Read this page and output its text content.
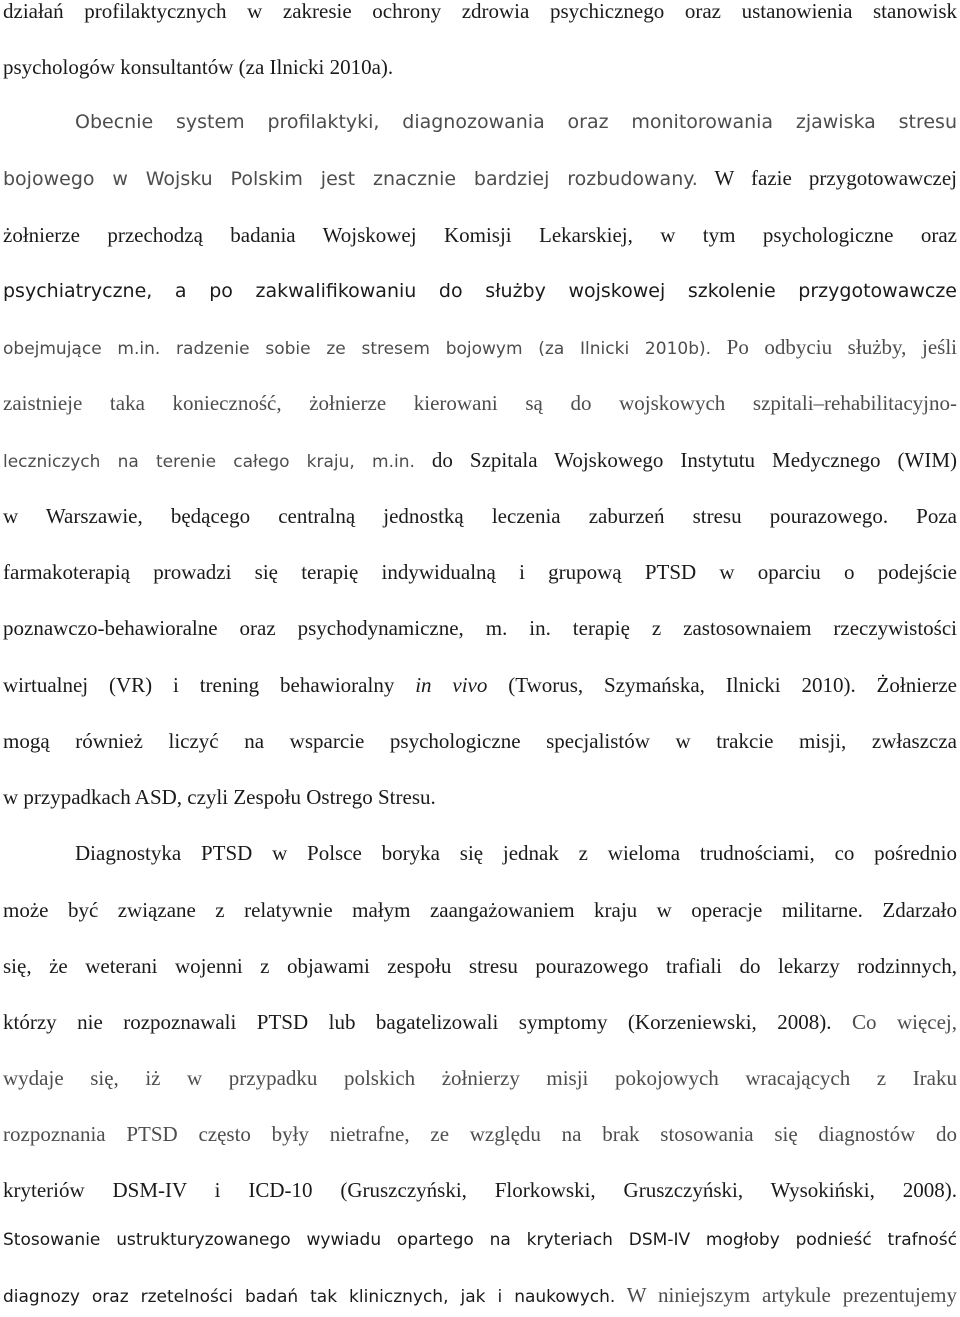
działań profilaktycznych w zakresie ochrony zdrowia psychicznego oraz ustanowienia stanowisk
psychologów konsultantów (za Ilnicki 2010a).
Obecnie system profilaktyki, diagnozowania oraz monitorowania zjawiska stresu
bojowego w Wojsku Polskim jest znacznie bardziej rozbudowany. W fazie przygotowawczej
żołnierze przechodzą badania Wojskowej Komisji Lekarskiej, w tym psychologiczne oraz
psychiatryczne, a po zakwalifikowaniu do służby wojskowej szkolenie przygotowawcze
obejmujące m.in. radzenie sobie ze stresem bojowym (za Ilnicki 2010b). Po odbyciu służby, jeśli
zaistnieje taka konieczność, żołnierze kierowani są do wojskowych szpitali–rehabilitacyjno-
leczniczych na terenie całego kraju, m.in. do Szpitala Wojskowego Instytutu Medycznego (WIM)
w Warszawie, będącego centralną jednostką leczenia zaburzeń stresu pourazowego. Poza
farmakoterapią prowadzi się terapię indywidualną i grupową PTSD w oparciu o podejście
poznawczo-behawioralne oraz psychodynamiczne, m. in. terapię z zastosownaiem rzeczywistości
wirtualnej (VR) i trening behawioralny in vivo (Tworus, Szymańska, Ilnicki 2010). Żołnierze
mogą również liczyć na wsparcie psychologiczne specjalistów w trakcie misji, zwłaszcza
w przypadkach ASD, czyli Zespołu Ostrego Stresu.
Diagnostyka PTSD w Polsce boryka się jednak z wieloma trudnościami, co pośrednio
może być związane z relatywnie małym zaangażowaniem kraju w operacje militarne. Zdarzało
się, że weterani wojenni z objawami zespołu stresu pourazowego trafiali do lekarzy rodzinnych,
którzy nie rozpoznawali PTSD lub bagatelizowali symptomy (Korzeniewski, 2008). Co więcej,
wydaje się, iż w przypadku polskich żołnierzy misji pokojowych wracających z Iraku
rozpoznania PTSD często były nietrafne, ze względu na brak stosowania się diagnostów do
kryteriów DSM-IV i ICD-10 (Gruszczyński, Florkowski, Gruszczyński, Wysokiński, 2008).
Stosowanie ustrukturyzowanego wywiadu opartego na kryteriach DSM-IV mogłoby podnieść trafność
diagnozy oraz rzetelności badań tak klinicznych, jak i naukowych. W niniejszym artykule prezentujemy
